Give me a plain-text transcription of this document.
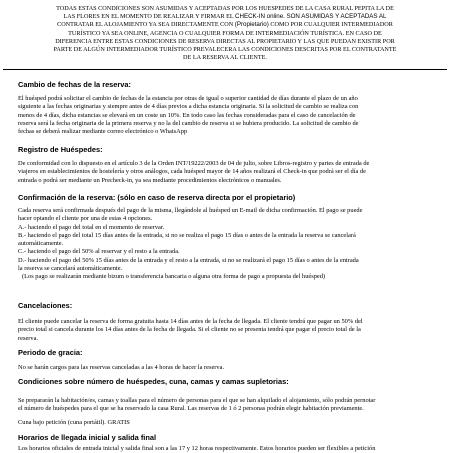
TODAS ESTAS CONDICIONES SON ASUMIDAS Y ACEPTADAS POR LOS HUESPEDES DE LA CASA RURAL PEPITA LA DE
LAS FLORES EN EL MOMENTO DE REALIZAR Y FIRMAR EL CHECK-IN online. SON ASUMIDAS Y ACEPTADAS AL
CONTRATAR EL ALOJAMIENTO YA SEA DIRECTAMENTE CON (Propietario) COMO POR CUALQUIER INTERMEDIADOR
TURÍSTICO YA SEA ONLINE, AGENCIA O CUALQUIER FORMA DE INTERMEDIACIÓN TURÍSTICA. EN CASO DE
DIFERENCIA ENTRE ESTAS CONDICIONES DE RESERVA DIRECTAS AL PROPIETARIO Y LAS QUE PUEDAN EXISTIR POR
PARTE DE ALGÚN INTERMEDIADOR TURÍSTICO PREVALECERA LAS CONDICIONES DESCRITAS POR EL CONTRATANTE
DE LA RESERVA AL CLIENTE.
Cambio de fechas de la reserva:
El huésped podrá solicitar el cambio de fechas de la estancia por otras de igual o superior cantidad de días durante el plazo de un año
siguiente a las fechas originarias y siempre antes de 4 días previos a dicha estancia originaria. Si la solicitud de cambio se realiza con
menos de 4 días, dicha estancias se elevará en un coste un 10%. En todo caso las fechas consideradas para el caso de cancelación de
reserva será la fecha originaria de la primera reserva y no la del cambio de reserva si se hubiera producido. La solicitud de cambio de
fechas se deberá realizar mediante correo electrónico o WhatsApp
Registro de Huéspedes:
De conformidad con lo dispuesto en el artículo 3 de la Orden INT/19222/2003 de 04 de julio, sobre Libros-registro y partes de entrada de
viajeros en establecimientos de hostelería y otros análogos, cada huésped mayor de 14 años realizará el Check-in que podrá ser el día de
entrada o podrá ser mediante un Precheck-in, ya sea mediante procedimientos electrónicos o manuales.
Confirmación de la reserva: (sólo en caso de reserva directa por el propietario)
Cada reserva será confirmada después del pago de la misma, llegándole al huésped un E-mail de dicha confirmación. El pago se puede
hacer optando el cliente por una de estas 4 opciones.
A.- haciendo el pago del total en el momento de reservar.
B.- haciendo el pago del total 15 días antes de la entrada, si no se realiza el pago 15 días o antes de la entrada la reserva se cancelará
automáticamente.
C.- haciendo el pago del 50% al reservar y el resto a la entrada.
D.- haciendo el pago del 50% 15 días antes de la entrada y el resto a la entrada, si no se realizará el pago 15 días o antes de la entrada
la reserva se cancelará automáticamente.
(Los pago se realizarán mediante bizum o transferencia bancaria o alguna otra forma de pago a propuesta del huésped)
Cancelaciones:
El cliente puede cancelar la reserva de forma gratuita hasta 14 días antes de la fecha de llegada. El cliente tendrá que pagar un 50% del
precio total si cancela durante los 14 días antes de la fecha de llegada. Si el cliente no se presenta tendrá que pagar el precio total de la
reserva.
Periodo de gracia:
No se harán cargos para las reservas canceladas a las 4 horas de hacer la reserva.
Condiciones sobre número de huéspedes, cuna, camas y camas supletorias:
Se prepararán la habitación/es, camas y toallas para el número de personas para el que se han alquilado el alojamiento, sólo podrán pernotar
el número de huéspedes para el que se ha reservado la casa Rural. Las reservas de 1 ó 2 personas podrán elegir habitación previamente.
Cuna bajo petición (cuna portátil). GRATIS
Horarios de llegada inicial y salida final
Los horarios oficiales de entrada inicial y salida final son a las 17 y 12 horas respectivamente. Estos horarios pueden ser flexibles a petición
